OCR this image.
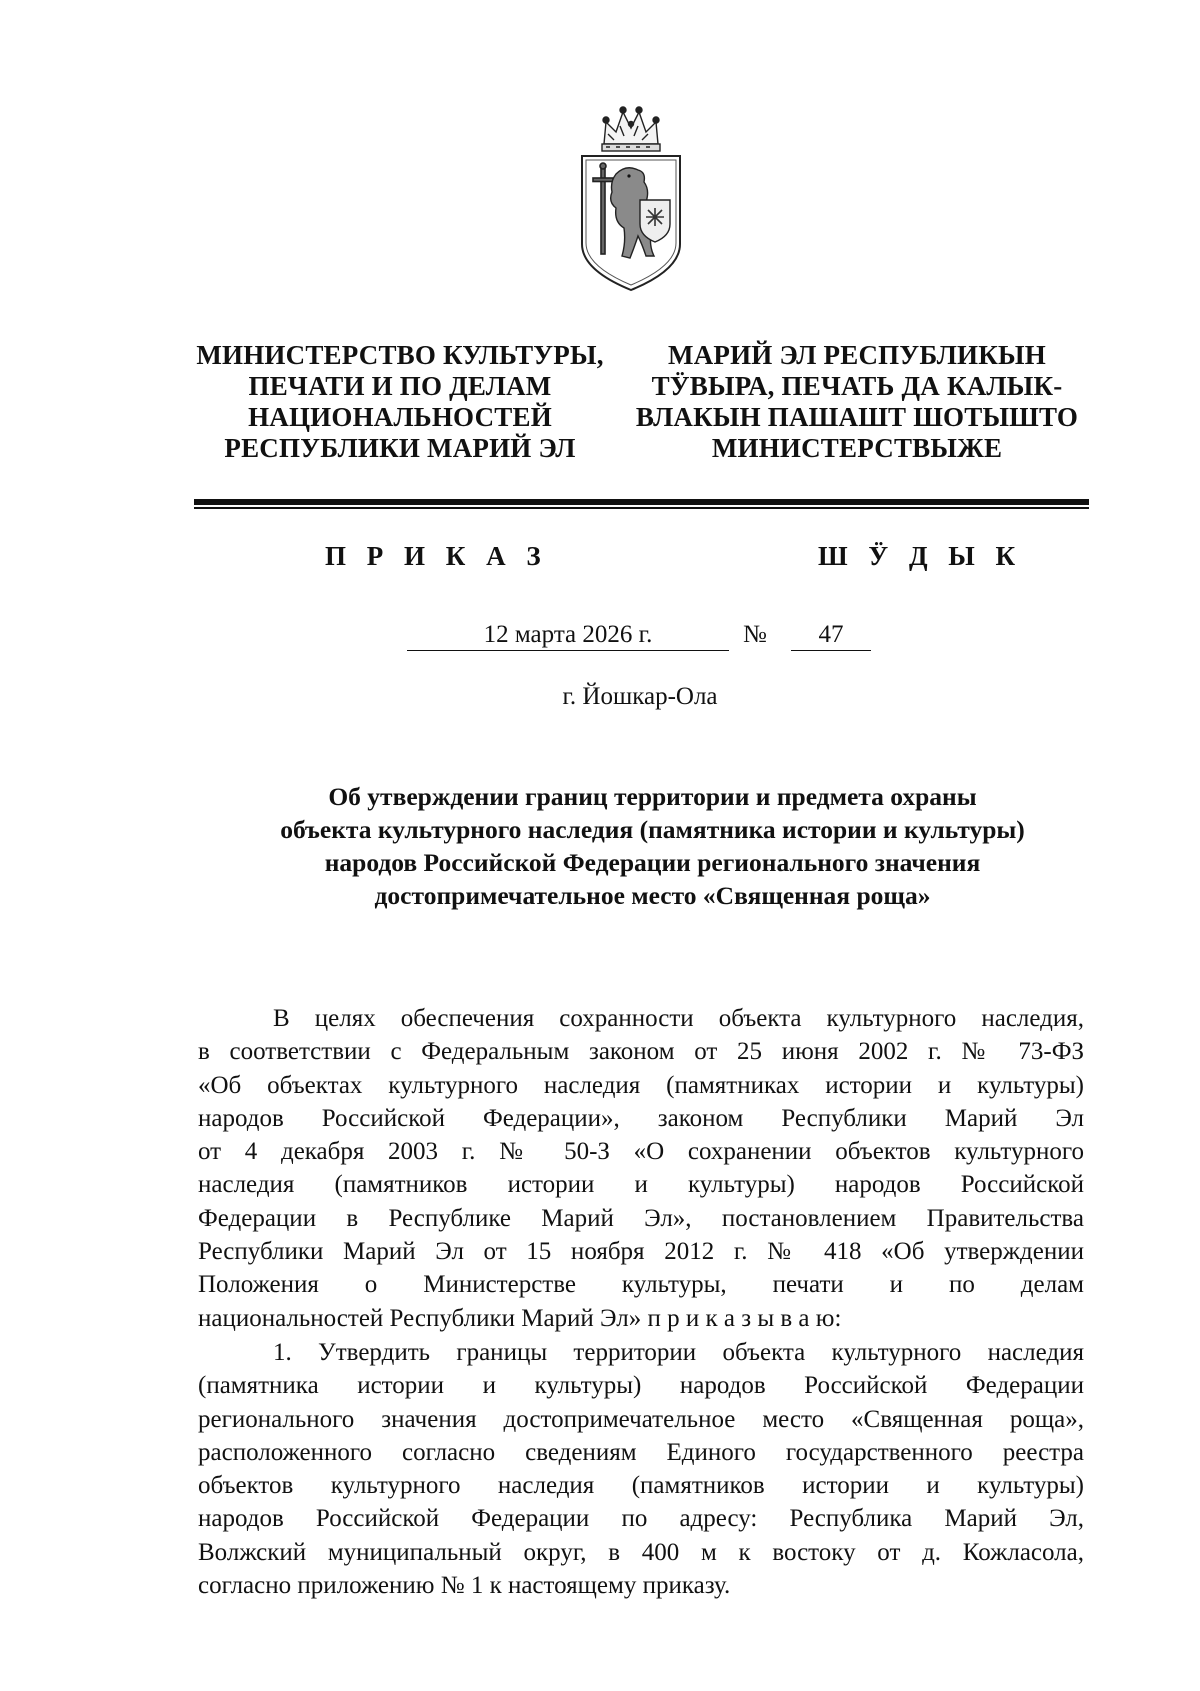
МИНИСТЕРСТВО КУЛЬТУРЫ,
ПЕЧАТИ И ПО ДЕЛАМ
НАЦИОНАЛЬНОСТЕЙ
РЕСПУБЛИКИ МАРИЙ ЭЛ
МАРИЙ ЭЛ РЕСПУБЛИКЫН
ТӰВЫРА, ПЕЧАТЬ ДА КАЛЫК-
ВЛАКЫН ПАШАШТ ШОТЫШТО
МИНИСТЕРСТВЫЖЕ
П Р И К А З	Ш Ӱ Д Ы К
12 марта 2026 г.	№	47
г. Йошкар-Ола
Об утверждении границ территории и предмета охраны
объекта культурного наследия (памятника истории и культуры)
народов Российской Федерации регионального значения
достопримечательное место «Священная роща»
В целях обеспечения сохранности объекта культурного наследия,
в соответствии с Федеральным законом от 25 июня 2002 г. № 73-ФЗ
«Об объектах культурного наследия (памятниках истории и культуры)
народов Российской Федерации», законом Республики Марий Эл
от 4 декабря 2003 г. № 50-З «О сохранении объектов культурного
наследия (памятников истории и культуры) народов Российской
Федерации в Республике Марий Эл», постановлением Правительства
Республики Марий Эл от 15 ноября 2012 г. № 418 «Об утверждении
Положения о Министерстве культуры, печати и по делам
национальностей Республики Марий Эл» п р и к а з ы в а ю:
1. Утвердить границы территории объекта культурного наследия
(памятника истории и культуры) народов Российской Федерации
регионального значения достопримечательное место «Священная роща»,
расположенного согласно сведениям Единого государственного реестра
объектов культурного наследия (памятников истории и культуры)
народов Российской Федерации по адресу: Республика Марий Эл,
Волжский муниципальный округ, в 400 м к востоку от д. Кожласола,
согласно приложению № 1 к настоящему приказу.
